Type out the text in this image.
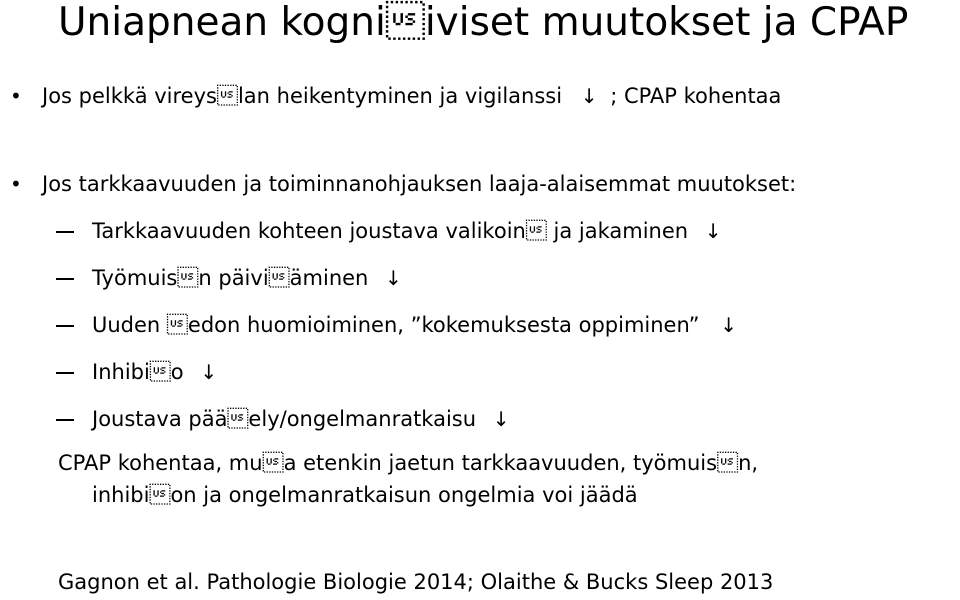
Uniapnean kogniiviset muutokset ja CPAP
• Jos pelkkä vireyslan heikentyminen ja vigilanssi ↓ ; CPAP kohentaa
• Jos tarkkaavuuden ja toiminnanohjauksen laaja-alaisemmat muutokset:
Tarkkaavuuden kohteen joustava valikoin ja jakaminen ↓
Työmuisn päiviäminen ↓
Uuden edon huomioiminen, ”kokemuksesta oppiminen” ↓
Inhibio ↓
Joustava pääely/ongelmanratkaisu ↓
CPAP kohentaa, mua etenkin jaetun tarkkaavuuden, työmuisn,
inhibion ja ongelmanratkaisun ongelmia voi jäädä
Gagnon et al. Pathologie Biologie 2014; Olaithe & Bucks Sleep 2013
